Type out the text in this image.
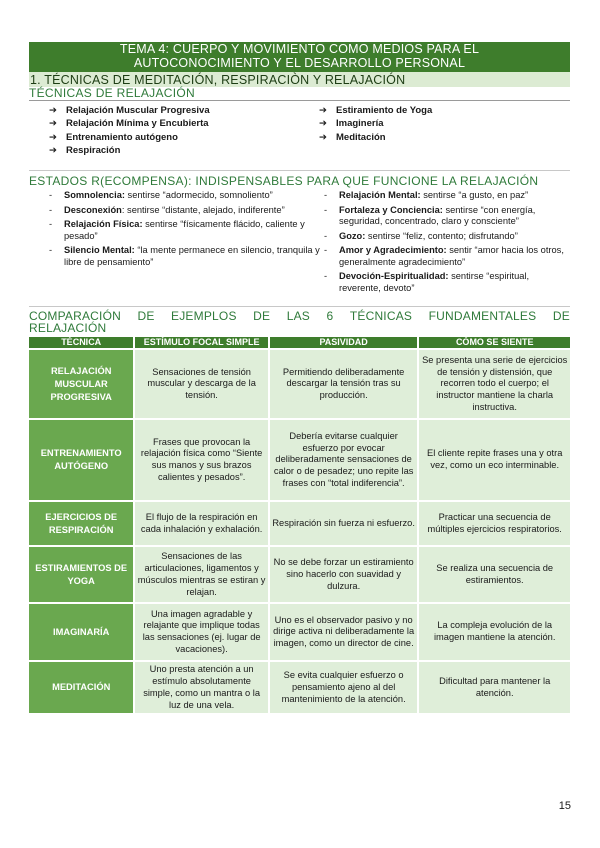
TEMA 4: CUERPO Y MOVIMIENTO COMO MEDIOS PARA EL
AUTOCONOCIMIENTO Y EL DESARROLLO PERSONAL
1. TÉCNICAS DE MEDITACIÓN, RESPIRACIÒN Y RELAJACIÓN
TÉCNICAS DE RELAJACIÓN
➔ Relajación Muscular Progresiva
➔ Relajación Mínima y Encubierta
➔ Entrenamiento autógeno
➔ Respiración
➔ Estiramiento de Yoga
➔ Imaginería
➔ Meditación
ESTADOS R(ECOMPENSA): INDISPENSABLES PARA QUE FUNCIONE LA RELAJACIÓN
-	Somnolencia: sentirse “adormecido, somnoliento”
-	Desconexión: sentirse “distante, alejado, indiferente”
-	Relajación Física: sentirse “físicamente flácido, caliente y pesado”
-	Silencio Mental: “la mente permanece en silencio, tranquila y libre de pensamiento”
-	Relajación Mental: sentirse “a gusto, en paz”
-	Fortaleza y Conciencia: sentirse “con energía, seguridad, concentrado, claro y consciente”
-	Gozo: sentirse “feliz, contento; disfrutando”
-	Amor y Agradecimiento: sentir “amor hacia los otros, generalmente agradecimiento”
-	Devoción-Espiritualidad: sentirse “espiritual, reverente, devoto”
COMPARACIÓN DE EJEMPLOS DE LAS 6 TÉCNICAS FUNDAMENTALES DE
RELAJACIÓN
TÉCNICA	ESTÍMULO FOCAL SIMPLE	PASIVIDAD	CÓMO SE SIENTE
RELAJACIÓN MUSCULAR PROGRESIVA	Sensaciones de tensión muscular y descarga de la tensión.	Permitiendo deliberadamente descargar la tensión tras su producción.	Se presenta una serie de ejercicios de tensión y distensión, que recorren todo el cuerpo; el instructor mantiene la charla instructiva.
ENTRENAMIENTO AUTÓGENO	Frases que provocan la relajación física como “Siente sus manos y sus brazos calientes y pesados”.	Debería evitarse cualquier esfuerzo por evocar deliberadamente sensaciones de calor o de pesadez; uno repite las frases con “total indiferencia”.	El cliente repite frases una y otra vez, como un eco interminable.
EJERCICIOS DE RESPIRACIÓN	El flujo de la respiración en cada inhalación y exhalación.	Respiración sin fuerza ni esfuerzo.	Practicar una secuencia de múltiples ejercicios respiratorios.
ESTIRAMIENTOS DE YOGA	Sensaciones de las articulaciones, ligamentos y músculos mientras se estiran y relajan.	No se debe forzar un estiramiento sino hacerlo con suavidad y dulzura.	Se realiza una secuencia de estiramientos.
IMAGINARÍA	Una imagen agradable y relajante que implique todas las sensaciones (ej. lugar de vacaciones).	Uno es el observador pasivo y no dirige activa ni deliberadamente la imagen, como un director de cine.	La compleja evolución de la imagen mantiene la atención.
MEDITACIÓN	Uno presta atención a un estímulo absolutamente simple, como un mantra o la luz de una vela.	Se evita cualquier esfuerzo o pensamiento ajeno al del mantenimiento de la atención.	Dificultad para mantener la atención.
15
